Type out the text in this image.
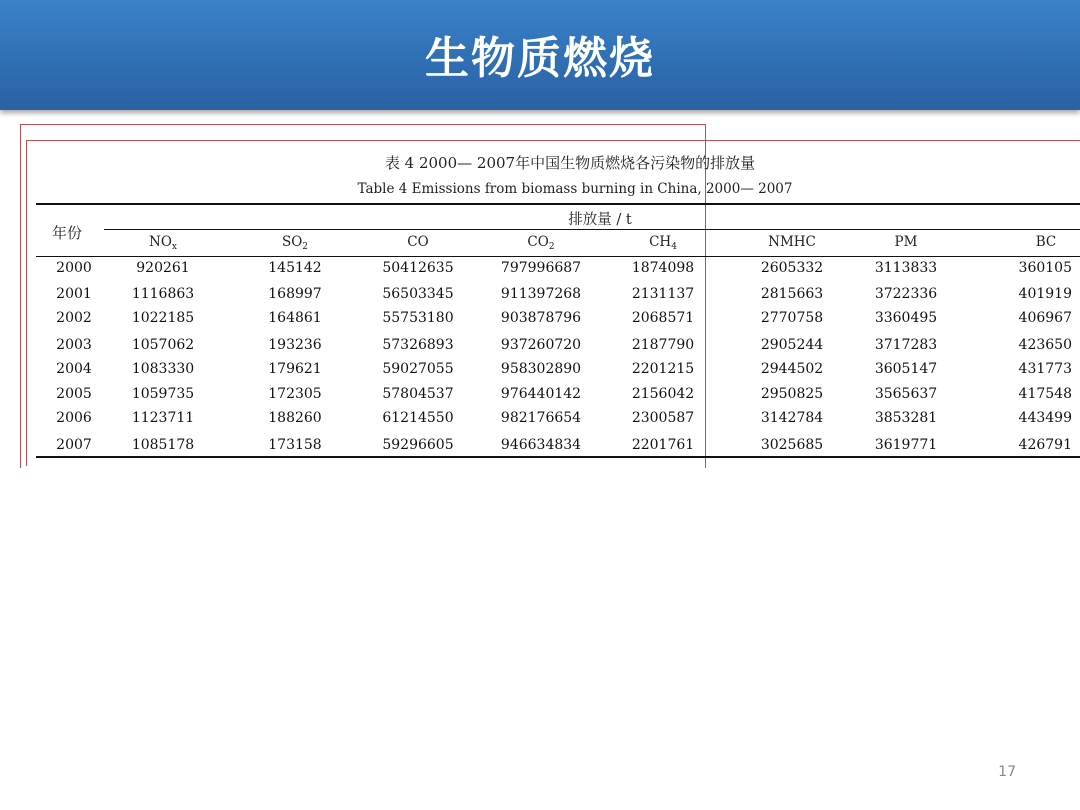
生物质燃烧
表 4 2000— 2007年中国生物质燃烧各污染物的排放量
Table 4 Emissions from biomass burning in China, 2000— 2007
年份
排放量 / t
$NO_x$	$SO_2$	CO	$CO_2$	$CH_4$	NMHC	PM	BC
2000	920261	145142	50412635	797996687	1874098	2605332	3113833	360105
2001	1116863	168997	56503345	911397268	2131137	2815663	3722336	401919
2002	1022185	164861	55753180	903878796	2068571	2770758	3360495	406967
2003	1057062	193236	57326893	937260720	2187790	2905244	3717283	423650
2004	1083330	179621	59027055	958302890	2201215	2944502	3605147	431773
2005	1059735	172305	57804537	976440142	2156042	2950825	3565637	417548
2006	1123711	188260	61214550	982176654	2300587	3142784	3853281	443499
2007	1085178	173158	59296605	946634834	2201761	3025685	3619771	426791
17
